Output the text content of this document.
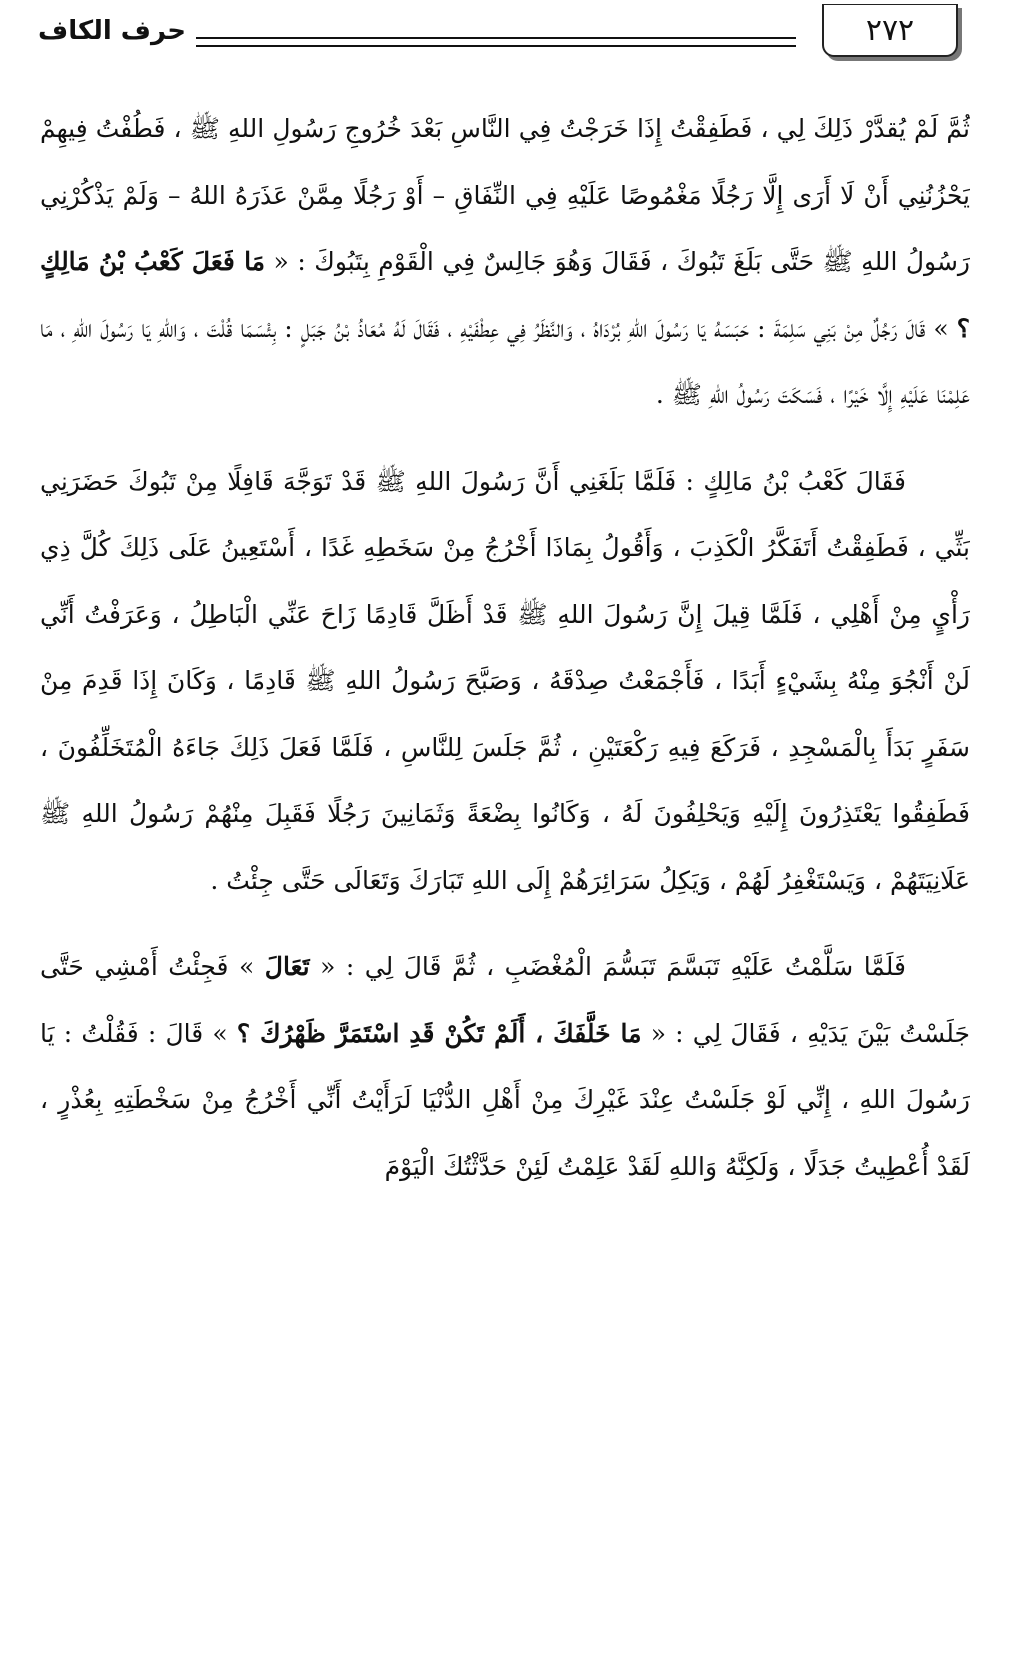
٢٧٢
حرف الكاف

ثُمَّ لَمْ يُقدَّرْ ذَلِكَ لِي ، فَطَفِقْتُ إِذَا خَرَجْتُ فِي النَّاسِ بَعْدَ خُرُوجِ رَسُولِ اللهِ ﷺ ، فَطُفْتُ فِيهِمْ يَحْزُنُنِي أَنْ لَا أَرَى إِلَّا رَجُلًا مَغْمُوصًا عَلَيْهِ فِي النِّفَاقِ – أَوْ رَجُلًا مِمَّنْ عَذَرَهُ اللهُ – وَلَمْ يَذْكُرْنِي رَسُولُ اللهِ ﷺ حَتَّى بَلَغَ تَبُوكَ ، فَقَالَ وَهُوَ جَالِسٌ فِي الْقَوْمِ بِتَبُوكَ : « مَا فَعَلَ كَعْبُ بْنُ مَالِكٍ ؟ » قَالَ رَجُلٌ مِنْ بَنِي سَلِمَةَ : حَبَسَهُ يَا رَسُولَ اللهِ بُرْدَاهُ ، وَالنَّظَرُ فِي عِطْفَيْهِ ، فَقَالَ لَهُ مُعَاذُ بْنُ جَبَلٍ : بِئْسَمَا قُلْتَ ، وَاللهِ يَا رَسُولَ اللهِ ، مَا عَلِمْنَا عَلَيْهِ إِلَّا خَيْرًا ، فَسَكَتَ رَسُولُ اللهِ ﷺ .

فَقَالَ كَعْبُ بْنُ مَالِكٍ : فَلَمَّا بَلَغَنِي أَنَّ رَسُولَ اللهِ ﷺ قَدْ تَوَجَّهَ قَافِلًا مِنْ تَبُوكَ حَضَرَنِي بَثِّي ، فَطَفِقْتُ أَتَفَكَّرُ الْكَذِبَ ، وَأَقُولُ بِمَاذَا أَخْرُجُ مِنْ سَخَطِهِ غَدًا ، أَسْتَعِينُ عَلَى ذَلِكَ كُلَّ ذِي رَأْيٍ مِنْ أَهْلِي ، فَلَمَّا قِيلَ إِنَّ رَسُولَ اللهِ ﷺ قَدْ أَظَلَّ قَادِمًا زَاحَ عَنِّي الْبَاطِلُ ، وَعَرَفْتُ أَنِّي لَنْ أَنْجُوَ مِنْهُ بِشَيْءٍ أَبَدًا ، فَأَجْمَعْتُ صِدْقَهُ ، وَصَبَّحَ رَسُولُ اللهِ ﷺ قَادِمًا ، وَكَانَ إِذَا قَدِمَ مِنْ سَفَرٍ بَدَأَ بِالْمَسْجِدِ ، فَرَكَعَ فِيهِ رَكْعَتَيْنِ ، ثُمَّ جَلَسَ لِلنَّاسِ ، فَلَمَّا فَعَلَ ذَلِكَ جَاءَهُ الْمُتَخَلِّفُونَ ، فَطَفِقُوا يَعْتَذِرُونَ إِلَيْهِ وَيَحْلِفُونَ لَهُ ، وَكَانُوا بِضْعَةً وَثَمَانِينَ رَجُلًا فَقَبِلَ مِنْهُمْ رَسُولُ اللهِ ﷺ عَلَانِيَتَهُمْ ، وَيَسْتَغْفِرُ لَهُمْ ، وَيَكِلُ سَرَائِرَهُمْ إِلَى اللهِ تَبَارَكَ وَتَعَالَى حَتَّى جِئْتُ .

فَلَمَّا سَلَّمْتُ عَلَيْهِ تَبَسَّمَ تَبَسُّمَ الْمُغْضَبِ ، ثُمَّ قَالَ لِي : « تَعَالَ » فَجِئْتُ أَمْشِي حَتَّى جَلَسْتُ بَيْنَ يَدَيْهِ ، فَقَالَ لِي : « مَا خَلَّفَكَ ، أَلَمْ تَكُنْ قَدِ اسْتَمَرَّ ظَهْرُكَ ؟ » قَالَ : فَقُلْتُ : يَا رَسُولَ اللهِ ، إِنِّي لَوْ جَلَسْتُ عِنْدَ غَيْرِكَ مِنْ أَهْلِ الدُّنْيَا لَرَأَيْتُ أَنِّي أَخْرُجُ مِنْ سَخْطَتِهِ بِعُذْرٍ ، لَقَدْ أُعْطِيتُ جَدَلًا ، وَلَكِنَّهُ وَاللهِ لَقَدْ عَلِمْتُ لَئِنْ حَدَّثْتُكَ الْيَوْمَ
